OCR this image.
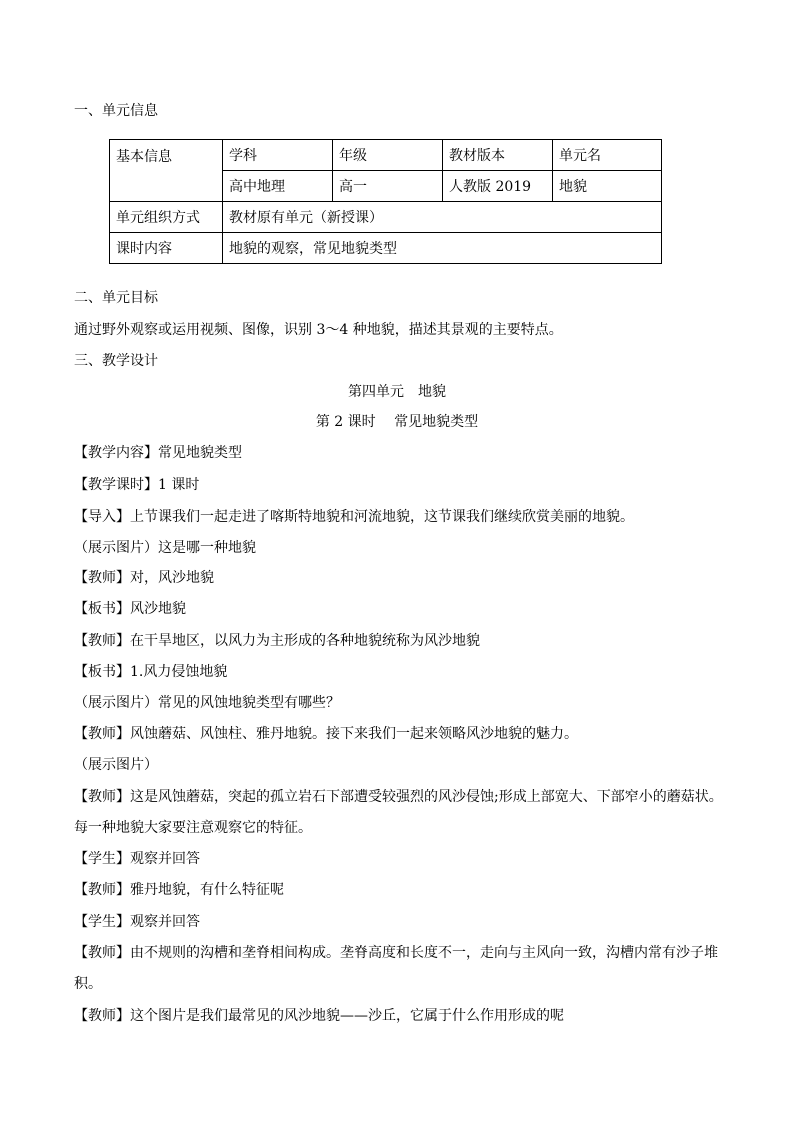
一、单元信息
基本信息	学科	年级	教材版本	单元名
	高中地理	高一	人教版 2019	地貌
单元组织方式	教材原有单元（新授课）			
课时内容	地貌的观察，常见地貌类型			
二、单元目标
通过野外观察或运用视频、图像，识别 3～4 种地貌，描述其景观的主要特点。
三、教学设计
第四单元　地貌
第 2 课时　 常见地貌类型
【教学内容】常见地貌类型
【教学课时】1 课时
【导入】上节课我们一起走进了喀斯特地貌和河流地貌，这节课我们继续欣赏美丽的地貌。
（展示图片）这是哪一种地貌
【教师】对，风沙地貌
【板书】风沙地貌
【教师】在干旱地区，以风力为主形成的各种地貌统称为风沙地貌
【板书】1.风力侵蚀地貌
（展示图片）常见的风蚀地貌类型有哪些？
【教师】风蚀蘑菇、风蚀柱、雅丹地貌。接下来我们一起来领略风沙地貌的魅力。
（展示图片）
【教师】这是风蚀蘑菇，突起的孤立岩石下部遭受较强烈的风沙侵蚀;形成上部宽大、下部窄小的蘑菇状。
每一种地貌大家要注意观察它的特征。
【学生】观察并回答
【教师】雅丹地貌，有什么特征呢
【学生】观察并回答
【教师】由不规则的沟槽和垄脊相间构成。垄脊高度和长度不一，走向与主风向一致，沟槽内常有沙子堆
积。
【教师】这个图片是我们最常见的风沙地貌——沙丘，它属于什么作用形成的呢
